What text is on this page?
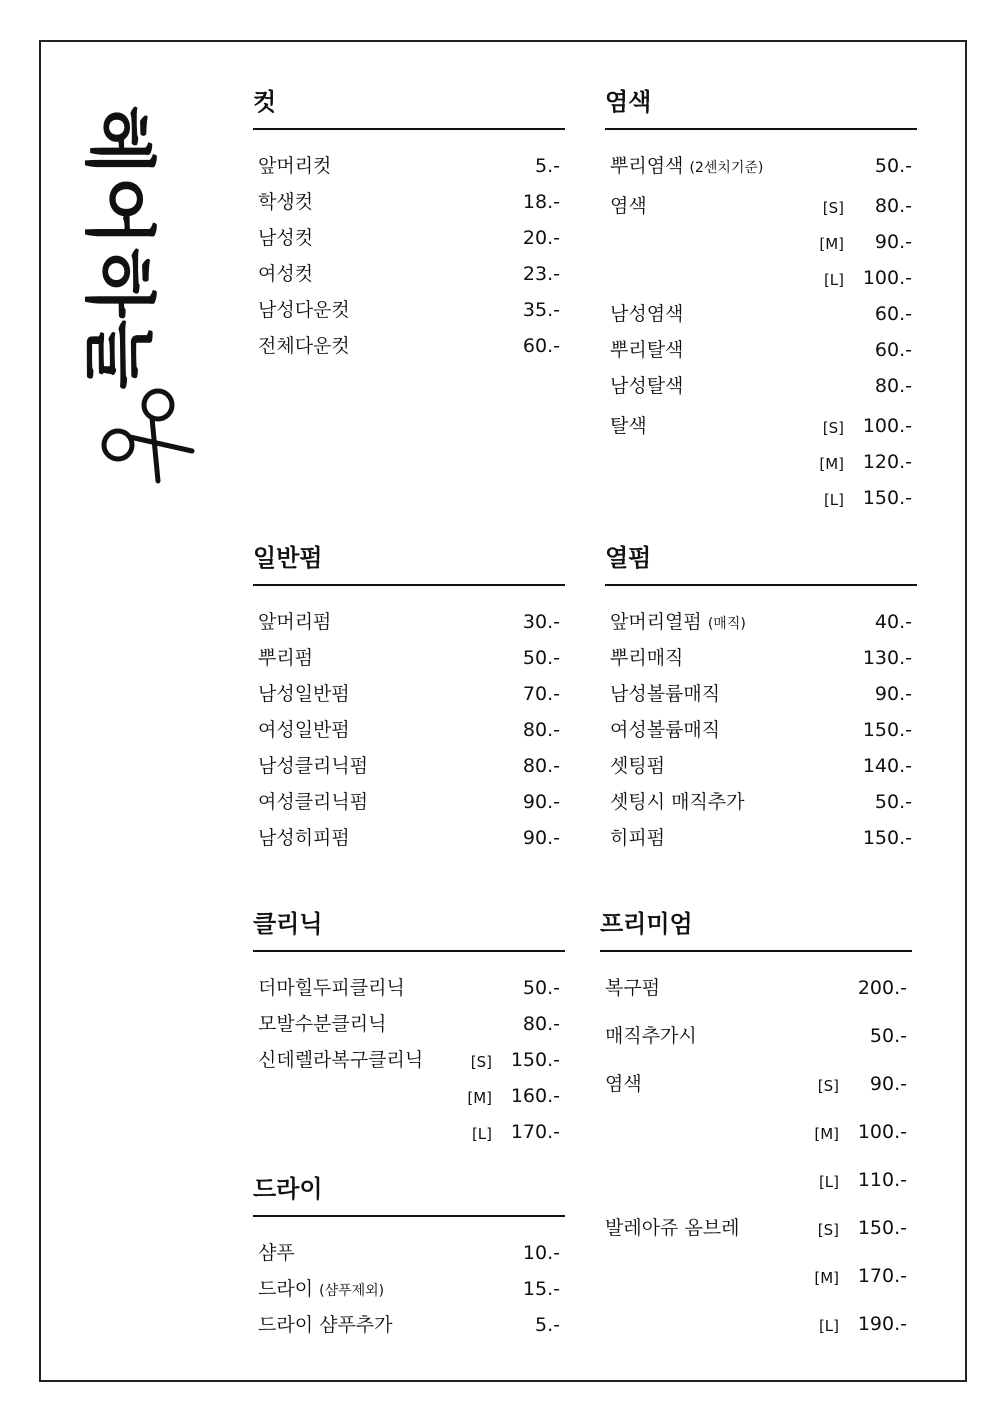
헤어하늘
컷
앞머리컷	5.-
학생컷	18.-
남성컷	20.-
여성컷	23.-
남성다운컷	35.-
전체다운컷	60.-
염색
뿌리염색 (2센치기준)	50.-
염색	[S] 80.-
[M] 90.-
[L] 100.-
남성염색	60.-
뿌리탈색	60.-
남성탈색	80.-
탈색	[S] 100.-
[M] 120.-
[L] 150.-
일반펌
앞머리펌	30.-
뿌리펌	50.-
남성일반펌	70.-
여성일반펌	80.-
남성클리닉펌	80.-
여성클리닉펌	90.-
남성히피펌	90.-
열펌
앞머리열펌 (매직)	40.-
뿌리매직	130.-
남성볼륨매직	90.-
여성볼륨매직	150.-
셋팅펌	140.-
셋팅시 매직추가	50.-
히피펌	150.-
클리닉
더마힐두피클리닉	50.-
모발수분클리닉	80.-
신데렐라복구클리닉	[S] 150.-
[M] 160.-
[L] 170.-
드라이
샴푸	10.-
드라이 (샴푸제외)	15.-
드라이 샴푸추가	5.-
프리미엄
복구펌	200.-
매직추가시	50.-
염색	[S] 90.-
[M] 100.-
[L] 110.-
발레아쥬 옴브레	[S] 150.-
[M] 170.-
[L] 190.-
